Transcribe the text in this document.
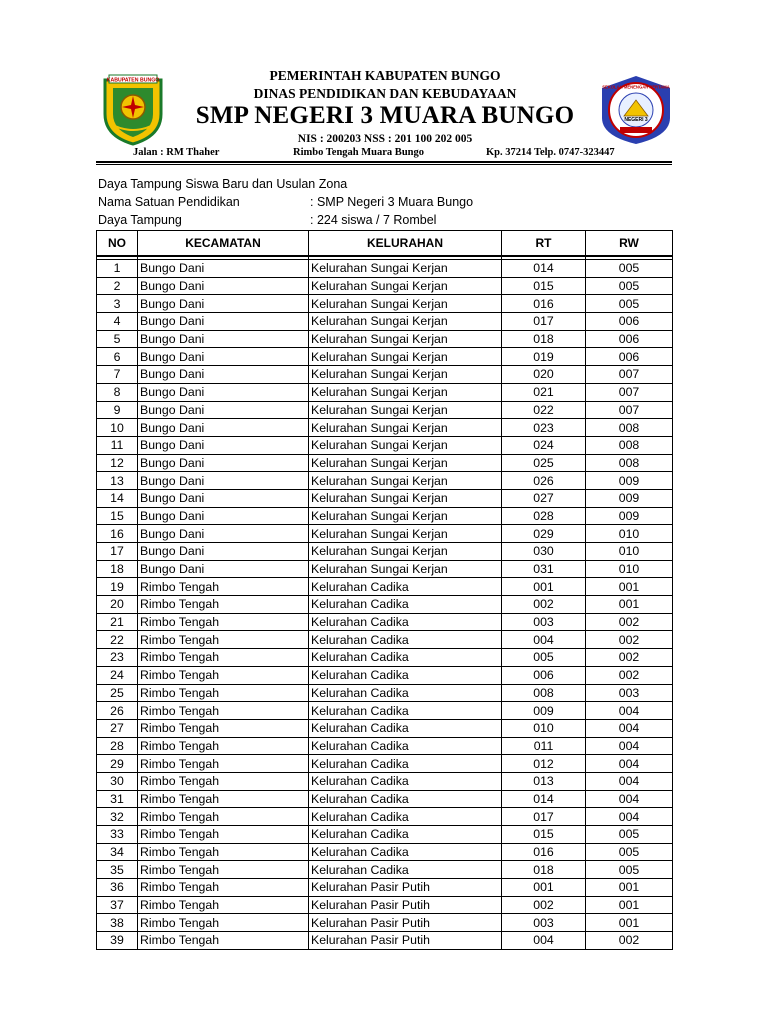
KABUPATEN BUNGO	PEMERINTAH KABUPATEN BUNGO
DINAS PENDIDIKAN DAN KEBUDAYAAN
SMP NEGERI 3 MUARA BUNGO
NIS : 200203 NSS : 201 100 202 005
NEGERI 3
SEKOLAH MENENGAH PERTAMA
Jalan : RM Thaher	Rimbo Tengah Muara Bungo	Kp. 37214 Telp. 0747-323447
Daya Tampung Siswa Baru dan Usulan Zona
Nama Satuan Pendidikan	: SMP Negeri 3 Muara Bungo
Daya Tampung	: 224 siswa / 7 Rombel
NO	KECAMATAN	KELURAHAN	RT	RW

1	Bungo Dani	Kelurahan Sungai Kerjan	014	005
2	Bungo Dani	Kelurahan Sungai Kerjan	015	005
3	Bungo Dani	Kelurahan Sungai Kerjan	016	005
4	Bungo Dani	Kelurahan Sungai Kerjan	017	006
5	Bungo Dani	Kelurahan Sungai Kerjan	018	006
6	Bungo Dani	Kelurahan Sungai Kerjan	019	006
7	Bungo Dani	Kelurahan Sungai Kerjan	020	007
8	Bungo Dani	Kelurahan Sungai Kerjan	021	007
9	Bungo Dani	Kelurahan Sungai Kerjan	022	007
10	Bungo Dani	Kelurahan Sungai Kerjan	023	008
11	Bungo Dani	Kelurahan Sungai Kerjan	024	008
12	Bungo Dani	Kelurahan Sungai Kerjan	025	008
13	Bungo Dani	Kelurahan Sungai Kerjan	026	009
14	Bungo Dani	Kelurahan Sungai Kerjan	027	009
15	Bungo Dani	Kelurahan Sungai Kerjan	028	009
16	Bungo Dani	Kelurahan Sungai Kerjan	029	010
17	Bungo Dani	Kelurahan Sungai Kerjan	030	010
18	Bungo Dani	Kelurahan Sungai Kerjan	031	010
19	Rimbo Tengah	Kelurahan Cadika	001	001
20	Rimbo Tengah	Kelurahan Cadika	002	001
21	Rimbo Tengah	Kelurahan Cadika	003	002
22	Rimbo Tengah	Kelurahan Cadika	004	002
23	Rimbo Tengah	Kelurahan Cadika	005	002
24	Rimbo Tengah	Kelurahan Cadika	006	002
25	Rimbo Tengah	Kelurahan Cadika	008	003
26	Rimbo Tengah	Kelurahan Cadika	009	004
27	Rimbo Tengah	Kelurahan Cadika	010	004
28	Rimbo Tengah	Kelurahan Cadika	011	004
29	Rimbo Tengah	Kelurahan Cadika	012	004
30	Rimbo Tengah	Kelurahan Cadika	013	004
31	Rimbo Tengah	Kelurahan Cadika	014	004
32	Rimbo Tengah	Kelurahan Cadika	017	004
33	Rimbo Tengah	Kelurahan Cadika	015	005
34	Rimbo Tengah	Kelurahan Cadika	016	005
35	Rimbo Tengah	Kelurahan Cadika	018	005
36	Rimbo Tengah	Kelurahan Pasir Putih	001	001
37	Rimbo Tengah	Kelurahan Pasir Putih	002	001
38	Rimbo Tengah	Kelurahan Pasir Putih	003	001
39	Rimbo Tengah	Kelurahan Pasir Putih	004	002
